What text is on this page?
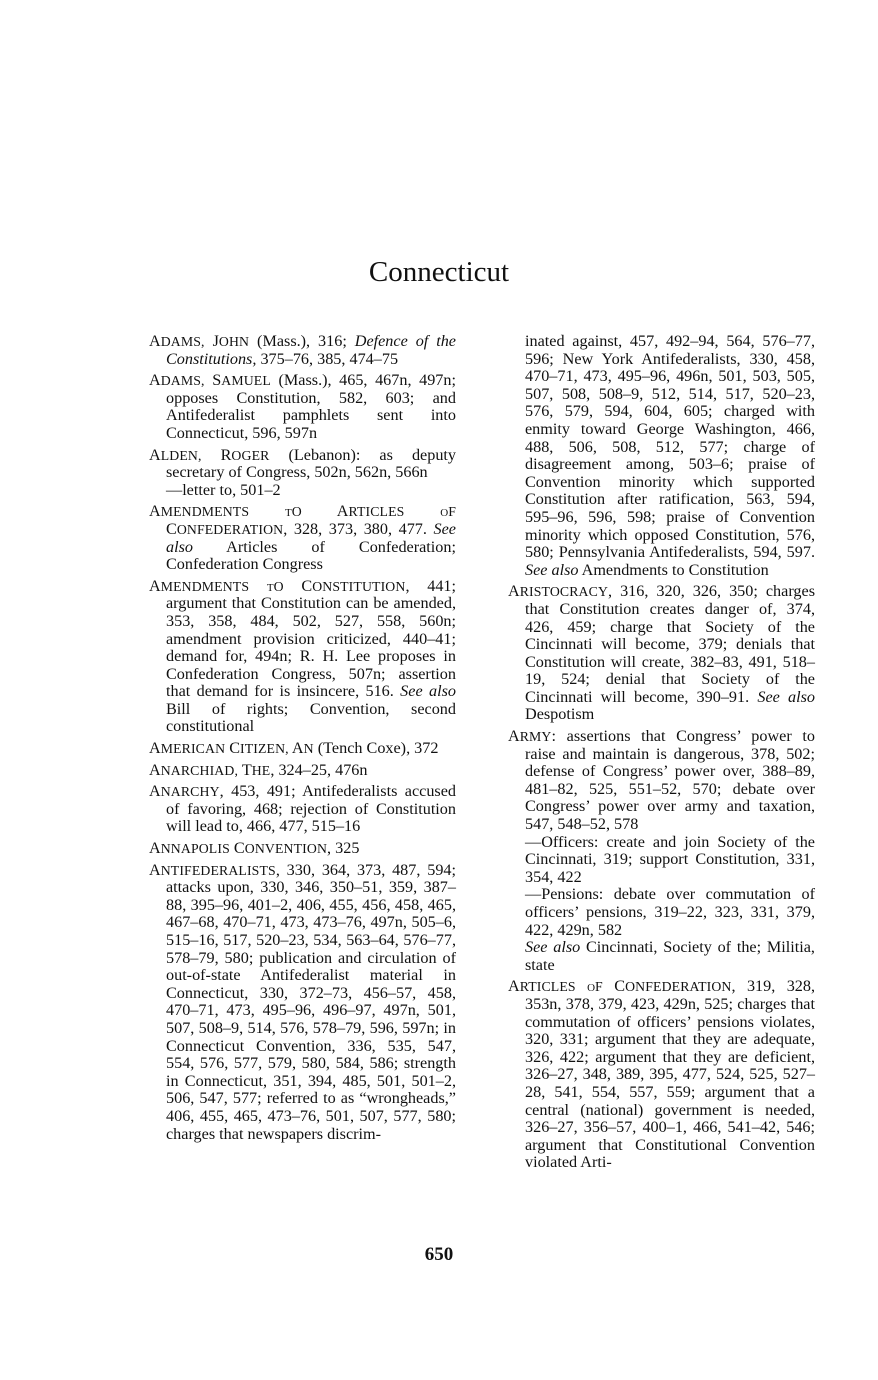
Connecticut

ADAMS, JOHN (Mass.), 316; Defence of the Constitutions, 375–76, 385, 474–75

ADAMS, SAMUEL (Mass.), 465, 467n, 497n; opposes Constitution, 582, 603; and Antifederalist pamphlets sent into Connecticut, 596, 597n

ALDEN, ROGER (Lebanon): as deputy secretary of Congress, 502n, 562n, 566n

—letter to, 501–2

AMENDMENTS tO ARTICLES oF CONFEDERATION, 328, 373, 380, 477. See also Articles of Confederation; Confederation Congress

AMENDMENTS tO CONSTITUTION, 441; argument that Constitution can be amended, 353, 358, 484, 502, 527, 558, 560n; amendment provision criticized, 440–41; demand for, 494n; R. H. Lee proposes in Confederation Congress, 507n; assertion that demand for is insincere, 516. See also Bill of rights; Convention, second constitutional

AMERICAN CITIZEN, AN (Tench Coxe), 372

ANARCHIAD, THE, 324–25, 476n

ANARCHY, 453, 491; Antifederalists accused of favoring, 468; rejection of Constitution will lead to, 466, 477, 515–16

ANNAPOLIS CONVENTION, 325

ANTIFEDERALISTS, 330, 364, 373, 487, 594; attacks upon, 330, 346, 350–51, 359, 387–88, 395–96, 401–2, 406, 455, 456, 458, 465, 467–68, 470–71, 473, 473–76, 497n, 505–6, 515–16, 517, 520–23, 534, 563–64, 576–77, 578–79, 580; publication and circulation of out-of-state Antifederalist material in Connecticut, 330, 372–73, 456–57, 458, 470–71, 473, 495–96, 496–97, 497n, 501, 507, 508–9, 514, 576, 578–79, 596, 597n; in Connecticut Convention, 336, 535, 547, 554, 576, 577, 579, 580, 584, 586; strength in Connecticut, 351, 394, 485, 501, 501–2, 506, 547, 577; referred to as “wrongheads,” 406, 455, 465, 473–76, 501, 507, 577, 580; charges that newspapers discrim-

inated against, 457, 492–94, 564, 576–77, 596; New York Antifederalists, 330, 458, 470–71, 473, 495–96, 496n, 501, 503, 505, 507, 508, 508–9, 512, 514, 517, 520–23, 576, 579, 594, 604, 605; charged with enmity toward George Washington, 466, 488, 506, 508, 512, 577; charge of disagreement among, 503–6; praise of Convention minority which supported Constitution after ratification, 563, 594, 595–96, 596, 598; praise of Convention minority which opposed Constitution, 576, 580; Pennsylvania Antifederalists, 594, 597. See also Amendments to Constitution

ARISTOCRACY, 316, 320, 326, 350; charges that Constitution creates danger of, 374, 426, 459; charge that Society of the Cincinnati will become, 379; denials that Constitution will create, 382–83, 491, 518–19, 524; denial that Society of the Cincinnati will become, 390–91. See also Despotism

ARMY: assertions that Congress’ power to raise and maintain is dangerous, 378, 502; defense of Congress’ power over, 388–89, 481–82, 525, 551–52, 570; debate over Congress’ power over army and taxation, 547, 548–52, 578

—Officers: create and join Society of the Cincinnati, 319; support Constitution, 331, 354, 422

—Pensions: debate over commutation of officers’ pensions, 319–22, 323, 331, 379, 422, 429n, 582

See also Cincinnati, Society of the; Militia, state

ARTICLES oF CONFEDERATION, 319, 328, 353n, 378, 379, 423, 429n, 525; charges that commutation of officers’ pensions violates, 320, 331; argument that they are adequate, 326, 422; argument that they are deficient, 326–27, 348, 389, 395, 477, 524, 525, 527–28, 541, 554, 557, 559; argument that a central (national) government is needed, 326–27, 356–57, 400–1, 466, 541–42, 546; argument that Constitutional Convention violated Arti-

650
